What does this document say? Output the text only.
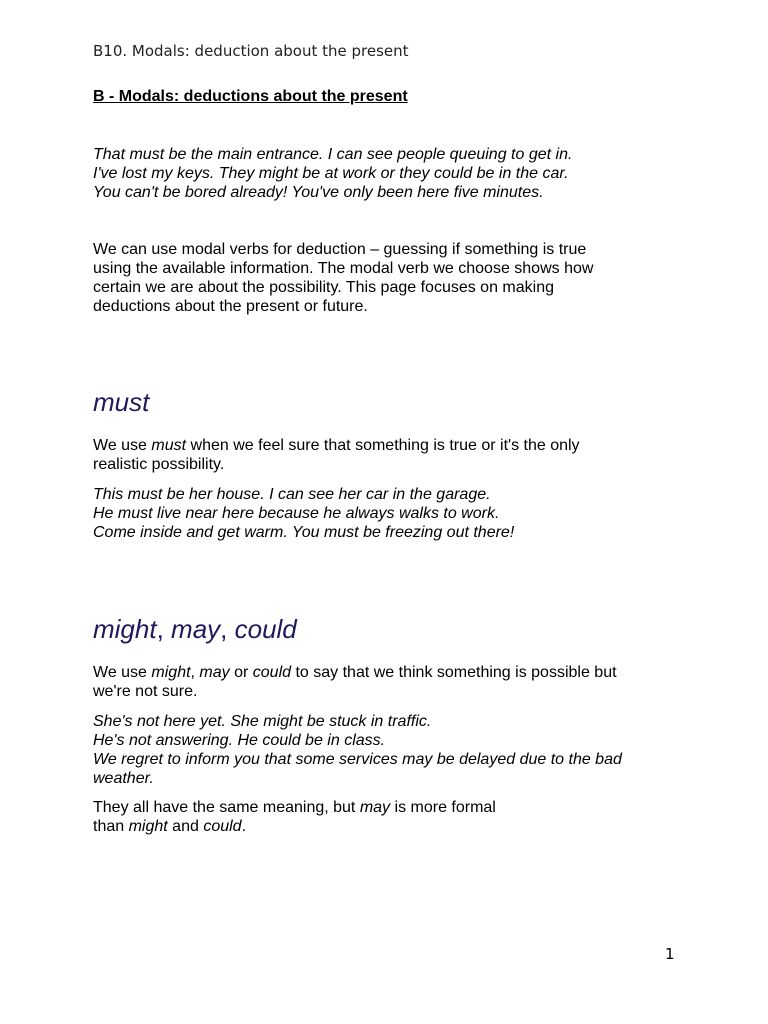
B10. Modals: deduction about the present
B - Modals: deductions about the present

That must be the main entrance. I can see people queuing to get in.

I've lost my keys. They might be at work or they could be in the car.

You can't be bored already! You've only been here five minutes.

We can use modal verbs for deduction – guessing if something is true

using the available information. The modal verb we choose shows how

certain we are about the possibility. This page focuses on making

deductions about the present or future.

must

We use must when we feel sure that something is true or it's the only

realistic possibility.

This must be her house. I can see her car in the garage.

He must live near here because he always walks to work.

Come inside and get warm. You must be freezing out there!

might, may, could

We use might, may or could to say that we think something is possible but

we're not sure.

She's not here yet. She might be stuck in traffic.

He's not answering. He could be in class.

We regret to inform you that some services may be delayed due to the bad

weather.

They all have the same meaning, but may is more formal

than might and could.

1
